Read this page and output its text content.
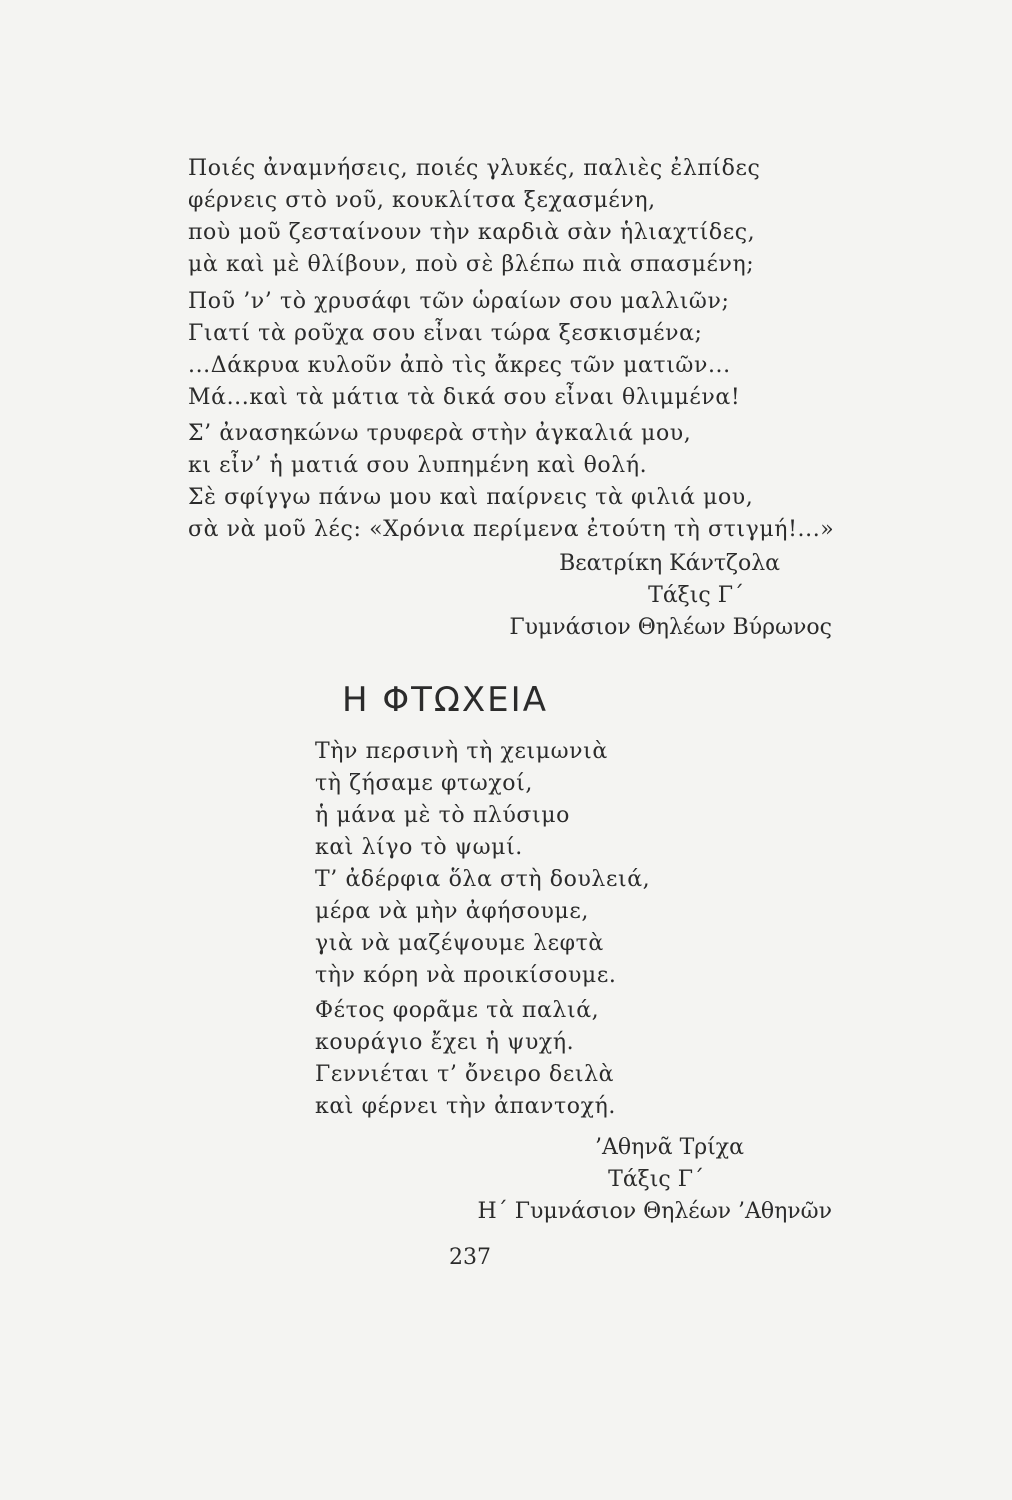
Ποιές ἀναμνήσεις, ποιές γλυκές, παλιὲς ἐλπίδες
φέρνεις στὸ νοῦ, κουκλίτσα ξεχασμένη,
ποὺ μοῦ ζεσταίνουν τὴν καρδιὰ σὰν ἡλιαχτίδες,
μὰ καὶ μὲ θλίβουν, ποὺ σὲ βλέπω πιὰ σπασμένη;
Ποῦ ’ν’ τὸ χρυσάφι τῶν ὡραίων σου μαλλιῶν;
Γιατί τὰ ροῦχα σου εἶναι τώρα ξεσκισμένα;
...Δάκρυα κυλοῦν ἀπὸ τὶς ἄκρες τῶν ματιῶν...
Μά...καὶ τὰ μάτια τὰ δικά σου εἶναι θλιμμένα!
Σ’ ἀνασηκώνω τρυφερὰ στὴν ἀγκαλιά μου,
κι εἶν’ ἡ ματιά σου λυπημένη καὶ θολή.
Σὲ σφίγγω πάνω μου καὶ παίρνεις τὰ φιλιά μου,
σὰ νὰ μοῦ λές: «Χρόνια περίμενα ἐτούτη τὴ στιγμή!...»
Βεατρίκη Κάντζολα
Τάξις Γ΄
Γυμνάσιον Θηλέων Βύρωνος
Η ΦΤΩΧΕΙΑ
Τὴν περσινὴ τὴ χειμωνιὰ
τὴ ζήσαμε φτωχοί,
ἡ μάνα μὲ τὸ πλύσιμο
καὶ λίγο τὸ ψωμί.
Τ’ ἀδέρφια ὅλα στὴ δουλειά,
μέρα νὰ μὴν ἀφήσουμε,
γιὰ νὰ μαζέψουμε λεφτὰ
τὴν κόρη νὰ προικίσουμε.
Φέτος φορᾶμε τὰ παλιά,
κουράγιο ἔχει ἡ ψυχή.
Γεννιέται τ’ ὄνειρο δειλὰ
καὶ φέρνει τὴν ἀπαντοχή.
’Αθηνᾶ Τρίχα
Τάξις Γ΄
Η΄ Γυμνάσιον Θηλέων ’Αθηνῶν
237
